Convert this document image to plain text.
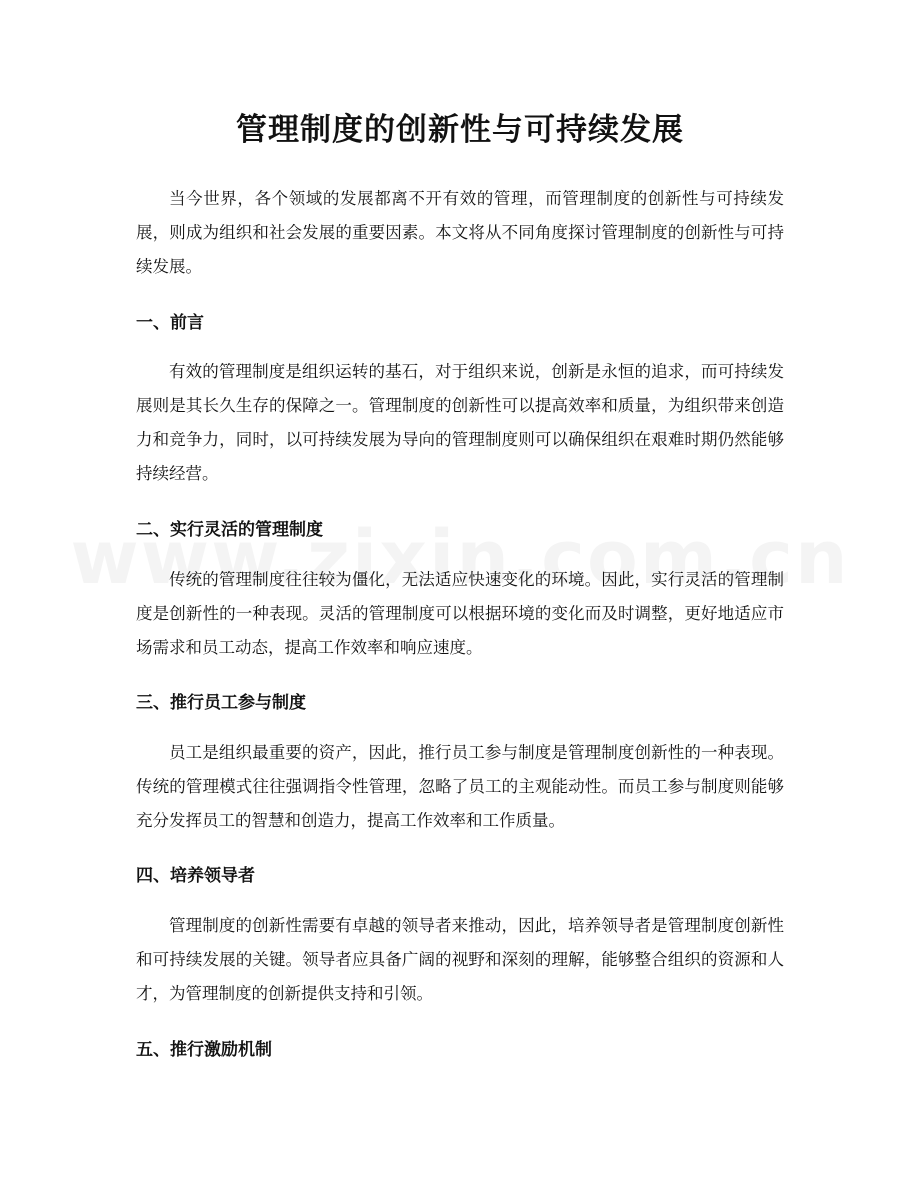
管理制度的创新性与可持续发展

当今世界，各个领域的发展都离不开有效的管理，而管理制度的创新性与可持续发展，则成为组织和社会发展的重要因素。本文将从不同角度探讨管理制度的创新性与可持续发展。

一、前言

有效的管理制度是组织运转的基石，对于组织来说，创新是永恒的追求，而可持续发展则是其长久生存的保障之一。管理制度的创新性可以提高效率和质量，为组织带来创造力和竞争力，同时，以可持续发展为导向的管理制度则可以确保组织在艰难时期仍然能够持续经营。

二、实行灵活的管理制度

传统的管理制度往往较为僵化，无法适应快速变化的环境。因此，实行灵活的管理制度是创新性的一种表现。灵活的管理制度可以根据环境的变化而及时调整，更好地适应市场需求和员工动态，提高工作效率和响应速度。

三、推行员工参与制度

员工是组织最重要的资产，因此，推行员工参与制度是管理制度创新性的一种表现。传统的管理模式往往强调指令性管理，忽略了员工的主观能动性。而员工参与制度则能够充分发挥员工的智慧和创造力，提高工作效率和工作质量。

四、培养领导者

管理制度的创新性需要有卓越的领导者来推动，因此，培养领导者是管理制度创新性和可持续发展的关键。领导者应具备广阔的视野和深刻的理解，能够整合组织的资源和人才，为管理制度的创新提供支持和引领。

五、推行激励机制
